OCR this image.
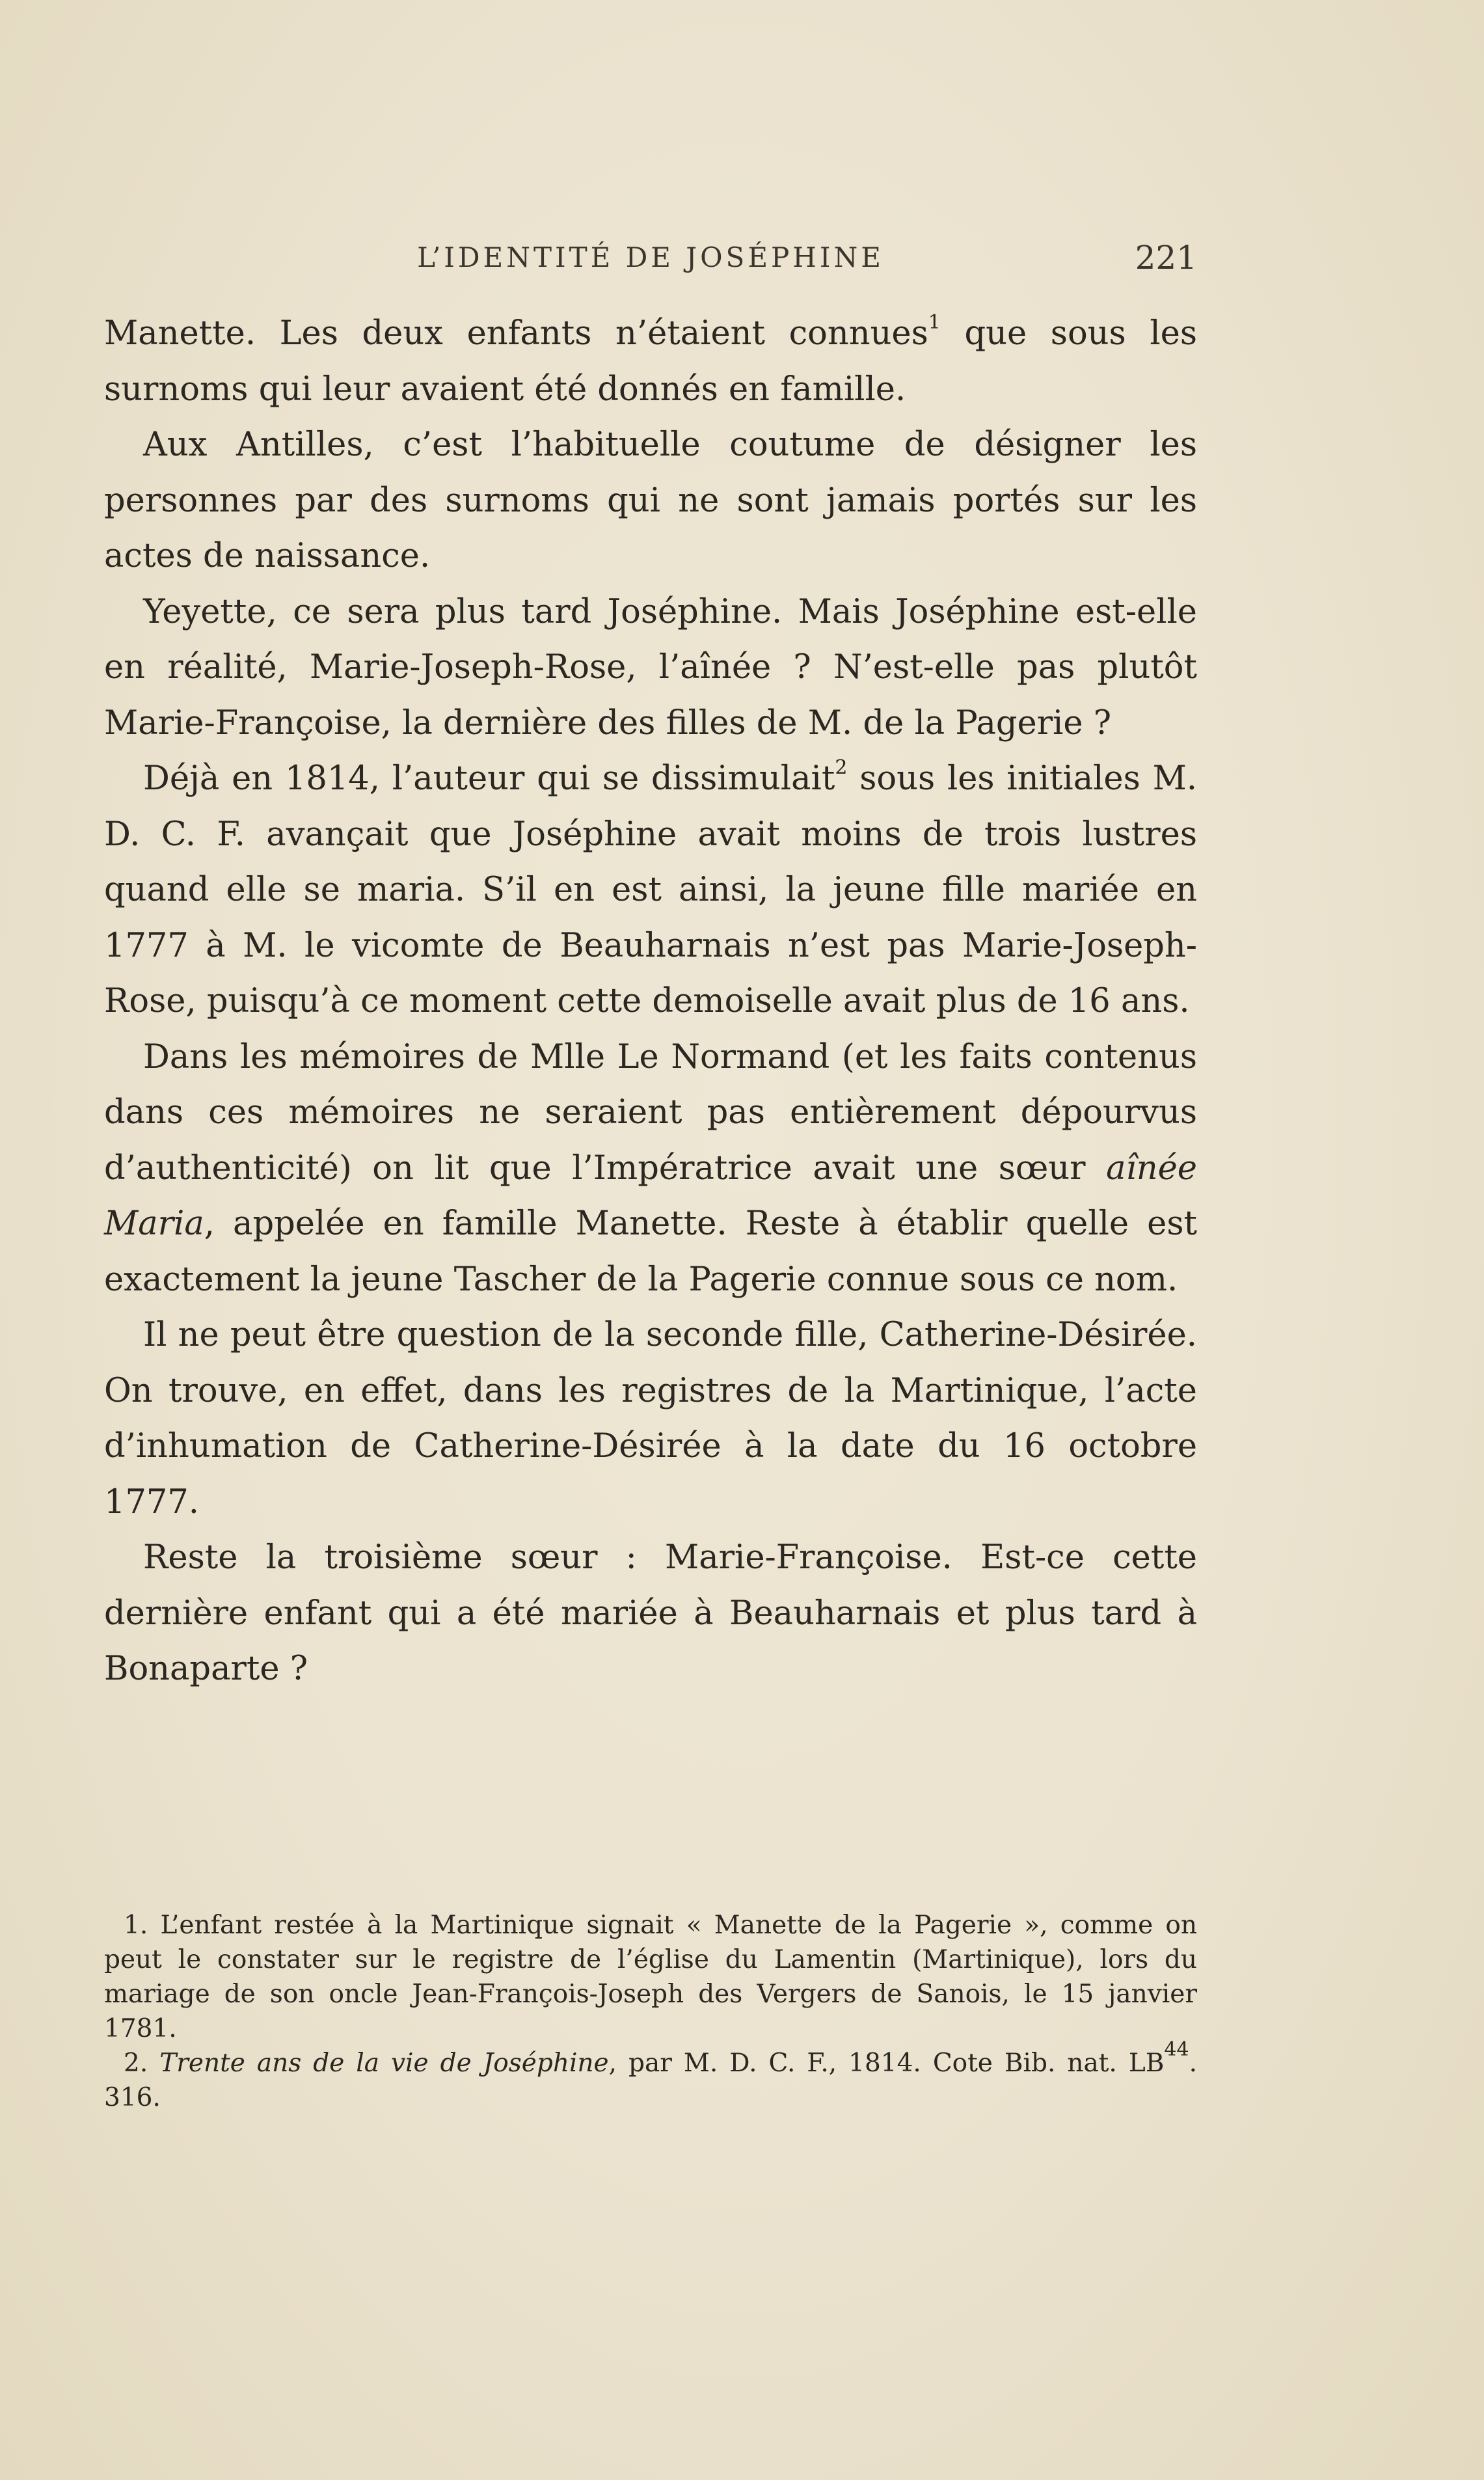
L’IDENTITÉ DE JOSÉPHINE	221

Manette. Les deux enfants n’étaient connues$^1$ que sous les surnoms qui leur avaient été donnés en famille.

Aux Antilles, c’est l’habituelle coutume de désigner les personnes par des surnoms qui ne sont jamais portés sur les actes de naissance.

Yeyette, ce sera plus tard Joséphine. Mais Joséphine est-elle en réalité, Marie-Joseph-Rose, l’aînée ? N’est-elle pas plutôt Marie-Françoise, la dernière des filles de M. de la Pagerie ?

Déjà en 1814, l’auteur qui se dissimulait$^2$ sous les initiales M. D. C. F. avançait que Joséphine avait moins de trois lustres quand elle se maria. S’il en est ainsi, la jeune fille mariée en 1777 à M. le vicomte de Beauharnais n’est pas Marie-Joseph-Rose, puisqu’à ce moment cette demoiselle avait plus de 16 ans.

Dans les mémoires de Mlle Le Normand (et les faits contenus dans ces mémoires ne seraient pas entièrement dépourvus d’authenticité) on lit que l’Impératrice avait une sœur aînée Maria, appelée en famille Manette. Reste à établir quelle est exactement la jeune Tascher de la Pagerie connue sous ce nom.

Il ne peut être question de la seconde fille, Catherine-Désirée. On trouve, en effet, dans les registres de la Martinique, l’acte d’inhumation de Catherine-Désirée à la date du 16 octobre 1777.

Reste la troisième sœur : Marie-Françoise. Est-ce cette dernière enfant qui a été mariée à Beauharnais et plus tard à Bonaparte ?

1. L’enfant restée à la Martinique signait « Manette de la Pagerie », comme on peut le constater sur le registre de l’église du Lamentin (Martinique), lors du mariage de son oncle Jean-François-Joseph des Vergers de Sanois, le 15 janvier 1781.

2. Trente ans de la vie de Joséphine, par M. D. C. F., 1814. Cote Bib. nat. LB$^{44}$. 316.
